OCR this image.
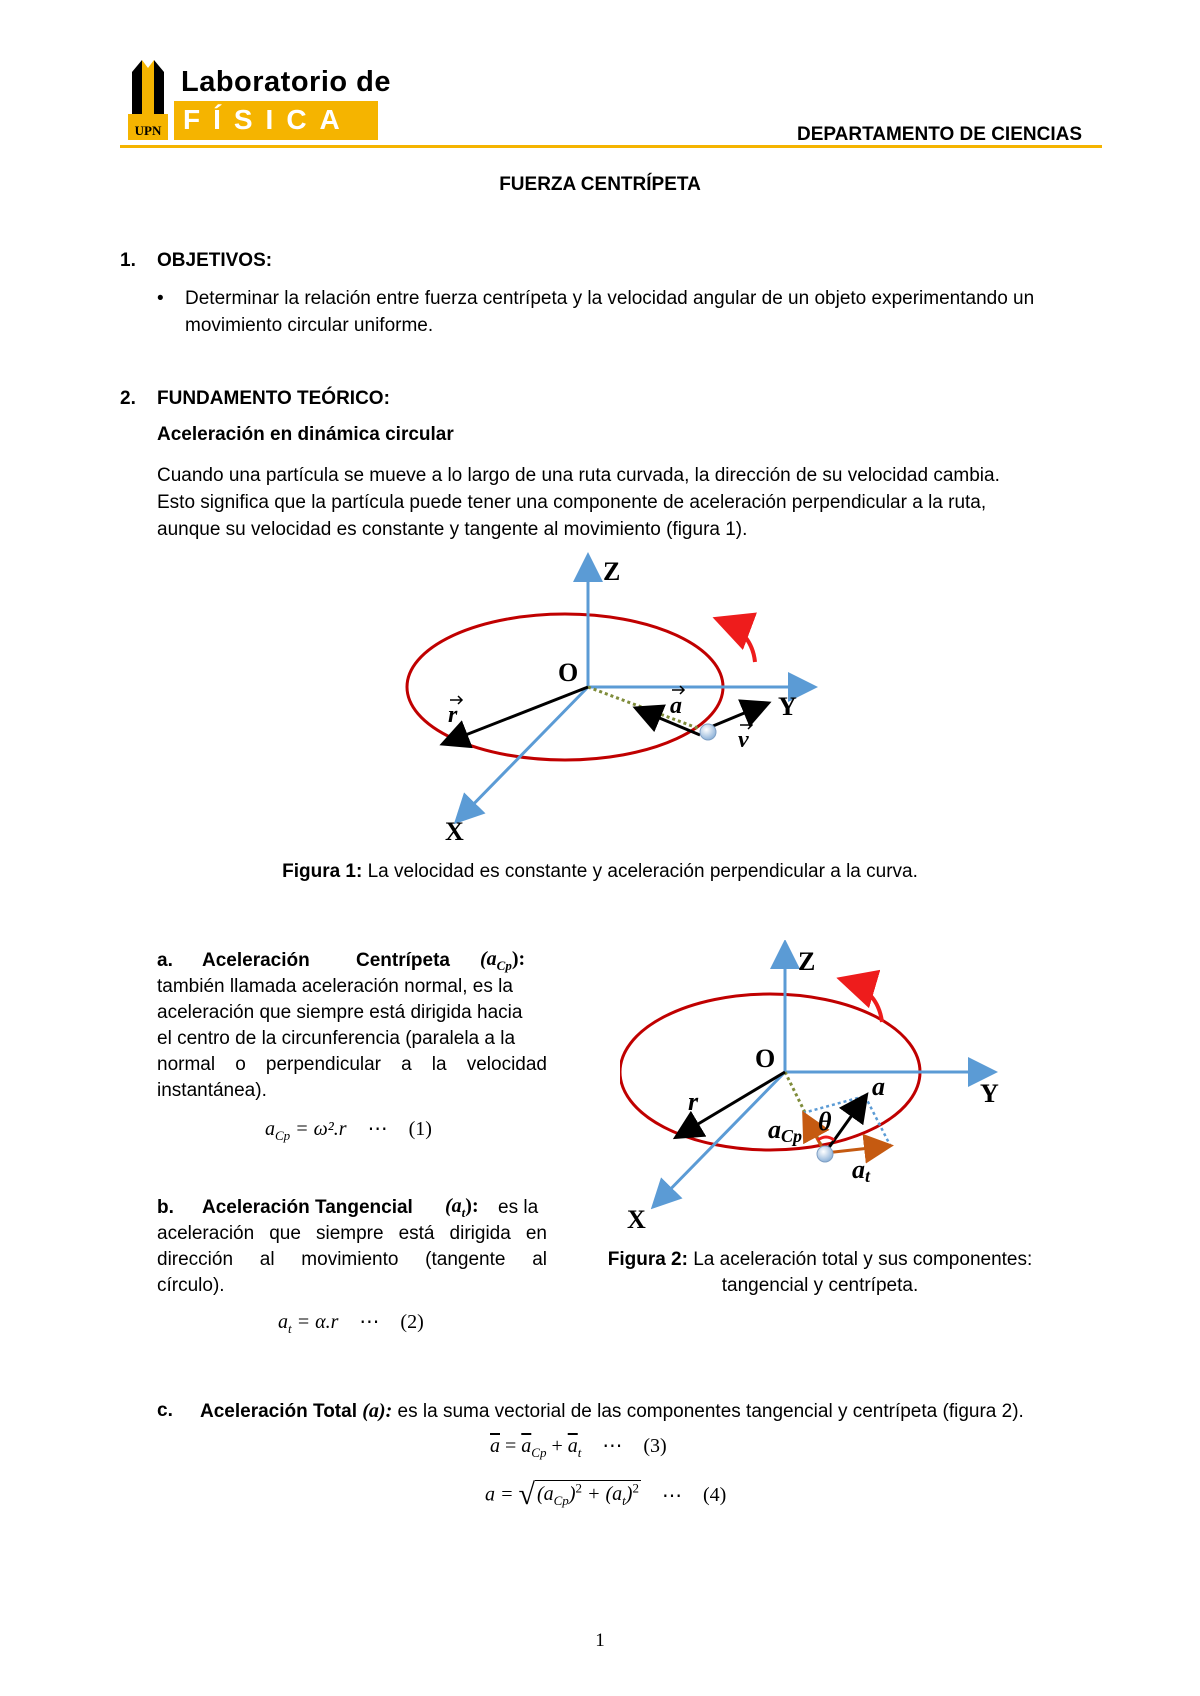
UPN
Laboratorio de
FÍSICA	DEPARTAMENTO DE CIENCIAS
FUERZA CENTRÍPETA
1. OBJETIVOS:
• Determinar la relación entre fuerza centrípeta y la velocidad angular de un objeto experimentando un
movimiento circular uniforme.
2. FUNDAMENTO TEÓRICO:
Aceleración en dinámica circular
Cuando una partícula se mueve a lo largo de una ruta curvada, la dirección de su velocidad cambia.
Esto significa que la partícula puede tener una componente de aceleración perpendicular a la ruta,
aunque su velocidad es constante y tangente al movimiento (figura 1).
Z
Y
X
O
r	a
v
Figura 1: La velocidad es constante y aceleración perpendicular a la curva.
a. Aceleración Centrípeta $(a_{Cp})$:
también llamada aceleración normal, es la
aceleración que siempre está dirigida hacia
el centro de la circunferencia (paralela a la
normal o perpendicular a la velocidad
instantánea).
$a_{Cp} = \omega^2.r$ ⋯ (1)
b. Aceleración Tangencial $(a_t)$: es la
aceleración que siempre está dirigida en
dirección al movimiento (tangente al
círculo).
$a_t = \alpha.r$ ⋯ (2)
Z
Y
X
O
r
a
θ
aCp
at
Figura 2: La aceleración total y sus componentes:
tangencial y centrípeta.
c. Aceleración Total (a): es la suma vectorial de las componentes tangencial y centrípeta (figura 2).
$\overline{a} = \overline{a}_{Cp} + \overline{a}_t$ ⋯ (3)
a = √ $(a_{Cp})^2 + (a_t)^2$ ⋯ (4)
1
